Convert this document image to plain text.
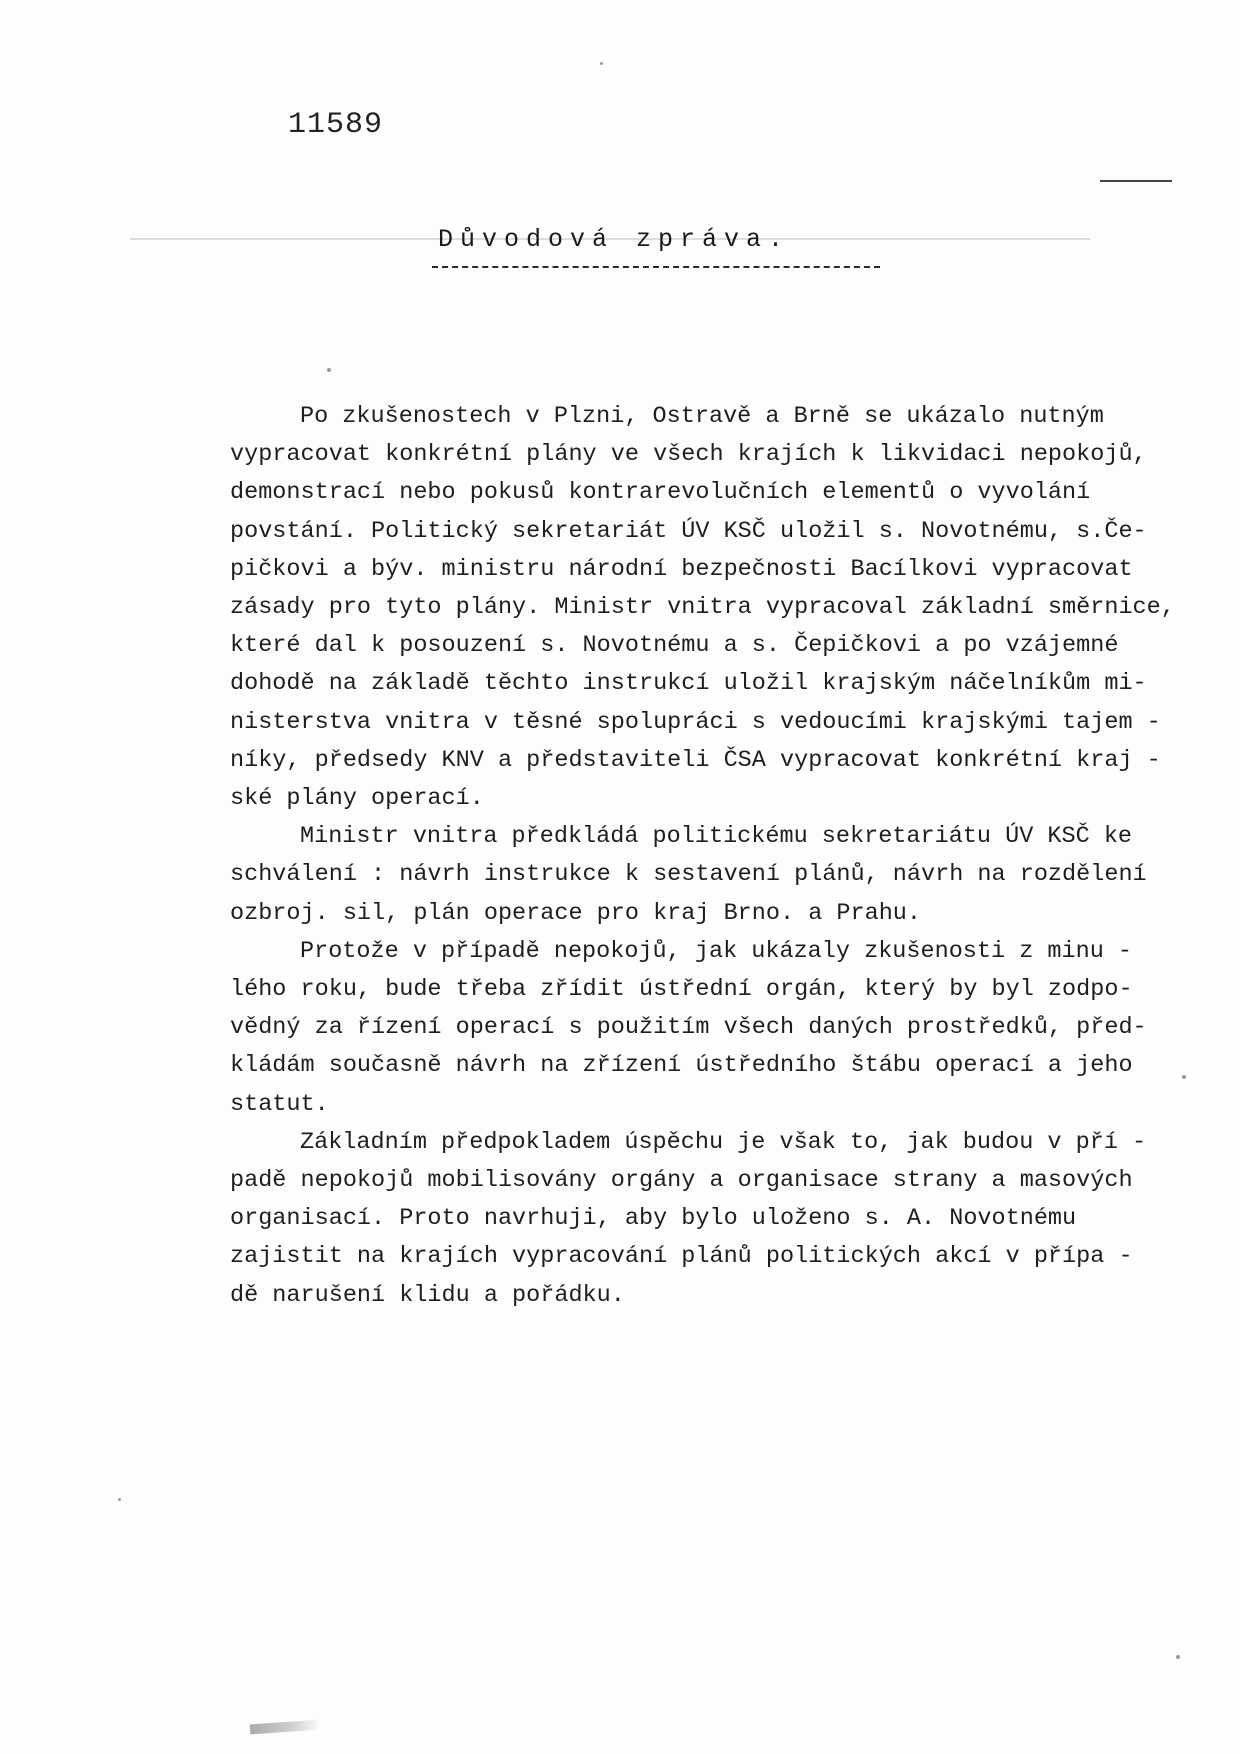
11589
Důvodová zpráva.

Po zkušenostech v Plzni, Ostravě a Brně se ukázalo nutným
vypracovat konkrétní plány ve všech krajích k likvidaci nepokojů,
demonstrací nebo pokusů kontrarevolučních elementů o vyvolání
povstání. Politický sekretariát ÚV KSČ uložil s. Novotnému, s.Če-
pičkovi a býv. ministru národní bezpečnosti Bacílkovi vypracovat
zásady pro tyto plány. Ministr vnitra vypracoval základní směrnice,
které dal k posouzení s. Novotnému a s. Čepičkovi a po vzájemné
dohodě na základě těchto instrukcí uložil krajským náčelníkům mi-
nisterstva vnitra v těsné spolupráci s vedoucími krajskými tajem -
níky, předsedy KNV a představiteli ČSA vypracovat konkrétní kraj -
ské plány operací.

Ministr vnitra předkládá politickému sekretariátu ÚV KSČ ke
schválení : návrh instrukce k sestavení plánů, návrh na rozdělení
ozbroj. sil, plán operace pro kraj Brno. a Prahu.

Protože v případě nepokojů, jak ukázaly zkušenosti z minu -
lého roku, bude třeba zřídit ústřední orgán, který by byl zodpo-
vědný za řízení operací s použitím všech daných prostředků, před-
kládám současně návrh na zřízení ústředního štábu operací a jeho
statut.

Základním předpokladem úspěchu je však to, jak budou v pří -
padě nepokojů mobilisovány orgány a organisace strany a masových
organisací. Proto navrhuji, aby bylo uloženo s. A. Novotnému
zajistit na krajích vypracování plánů politických akcí v přípa -
dě narušení klidu a pořádku.
